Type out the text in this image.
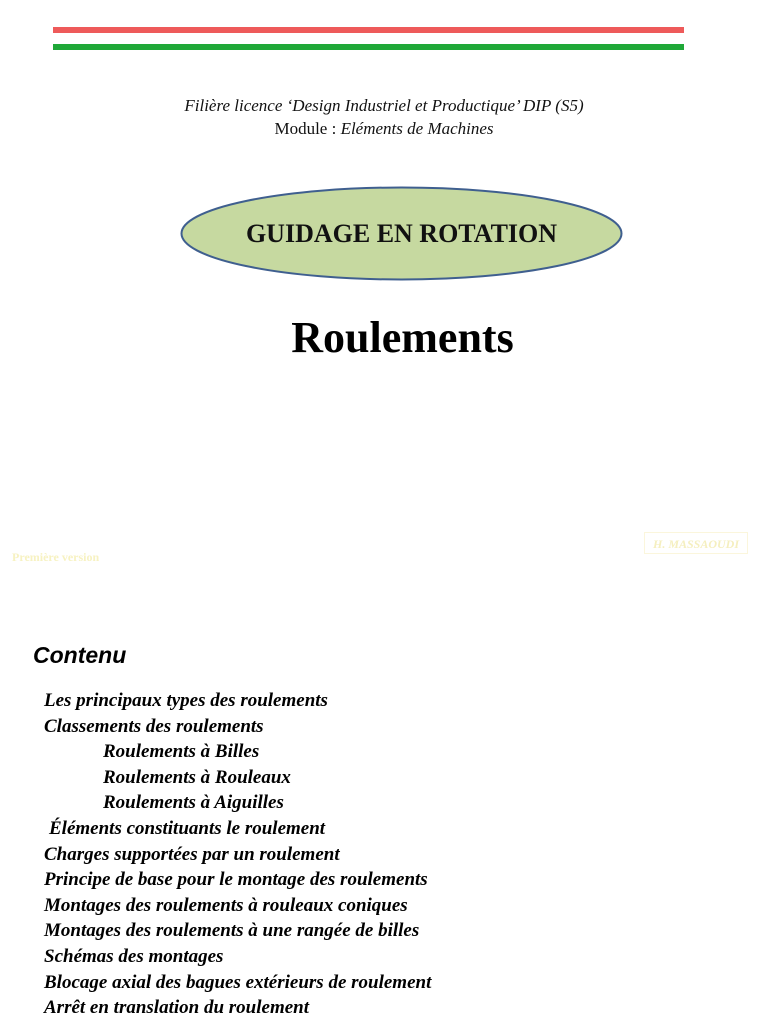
Filière licence ‘Design Industriel et Productique’ DIP (S5)
Module : Eléments de Machines
GUIDAGE EN ROTATION
Roulements
Première version
H. MASSAOUDI
Contenu
Les principaux types des roulements
Classements des roulements
Roulements à Billes
Roulements à Rouleaux
Roulements à Aiguilles
Éléments constituants le roulement
Charges supportées par un roulement
Principe de base pour le montage des roulements
Montages des roulements à rouleaux coniques
Montages des roulements à une rangée de billes
Schémas des montages
Blocage axial des bagues extérieurs de roulement
Arrêt en translation du roulement
